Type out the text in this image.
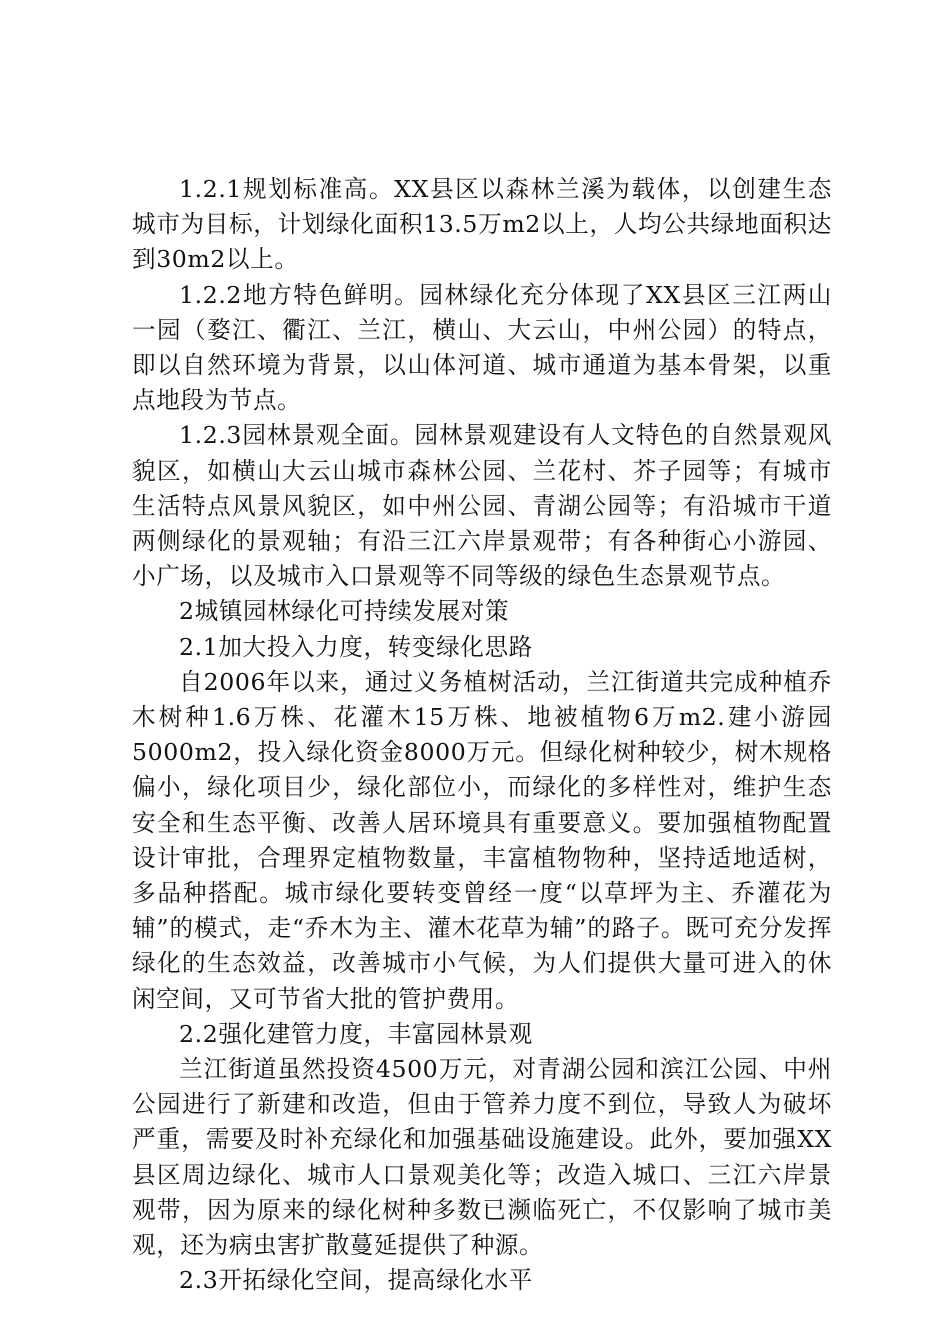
1.2.1规划标准高。XX县区以森林兰溪为载体，以创建生态城市为目标，计划绿化面积13.5万m2以上，人均公共绿地面积达到30m2以上。

1.2.2地方特色鲜明。园林绿化充分体现了XX县区三江两山一园（婺江、衢江、兰江，横山、大云山，中州公园）的特点，即以自然环境为背景，以山体河道、城市通道为基本骨架，以重点地段为节点。

1.2.3园林景观全面。园林景观建设有人文特色的自然景观风貌区，如横山大云山城市森林公园、兰花村、芥子园等；有城市生活特点风景风貌区，如中州公园、青湖公园等；有沿城市干道两侧绿化的景观轴；有沿三江六岸景观带；有各种街心小游园、小广场，以及城市入口景观等不同等级的绿色生态景观节点。

2城镇园林绿化可持续发展对策

2.1加大投入力度，转变绿化思路

自2006年以来，通过义务植树活动，兰江街道共完成种植乔木树种1.6万株、花灌木15万株、地被植物6万m2.建小游园5000m2，投入绿化资金8000万元。但绿化树种较少，树木规格偏小，绿化项目少，绿化部位小，而绿化的多样性对，维护生态安全和生态平衡、改善人居环境具有重要意义。要加强植物配置设计审批，合理界定植物数量，丰富植物物种，坚持适地适树，多品种搭配。城市绿化要转变曾经一度“以草坪为主、乔灌花为辅”的模式，走“乔木为主、灌木花草为辅”的路子。既可充分发挥绿化的生态效益，改善城市小气候，为人们提供大量可进入的休闲空间，又可节省大批的管护费用。

2.2强化建管力度，丰富园林景观

兰江街道虽然投资4500万元，对青湖公园和滨江公园、中州公园进行了新建和改造，但由于管养力度不到位，导致人为破坏严重，需要及时补充绿化和加强基础设施建设。此外，要加强XX县区周边绿化、城市人口景观美化等；改造入城口、三江六岸景观带，因为原来的绿化树种多数已濒临死亡，不仅影响了城市美观，还为病虫害扩散蔓延提供了种源。

2.3开拓绿化空间，提高绿化水平
